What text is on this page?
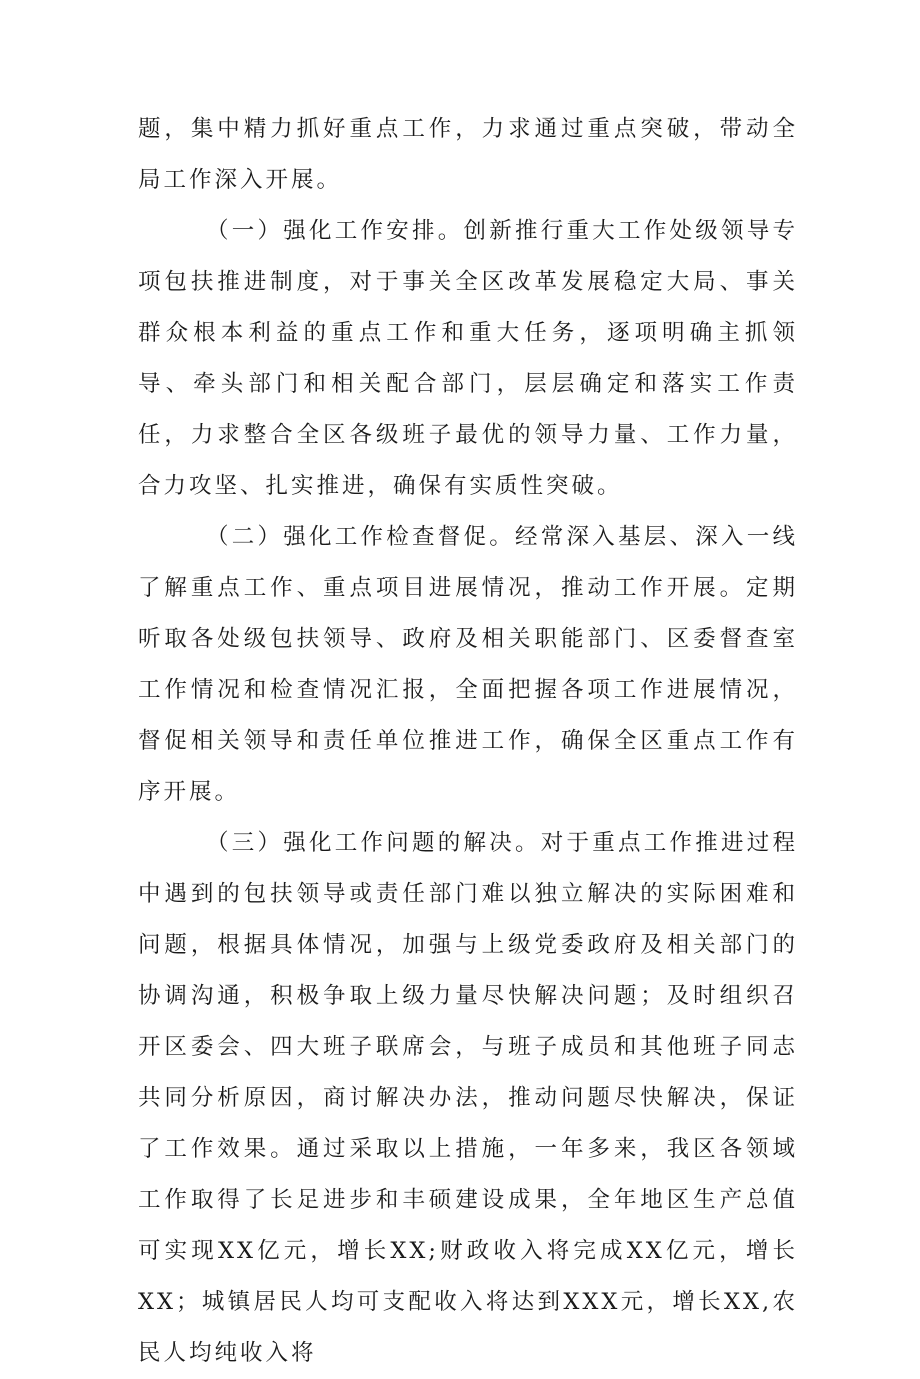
题，集中精力抓好重点工作，力求通过重点突破，带动全局工作深入开展。

（一）强化工作安排。创新推行重大工作处级领导专项包扶推进制度，对于事关全区改革发展稳定大局、事关群众根本利益的重点工作和重大任务，逐项明确主抓领导、牵头部门和相关配合部门，层层确定和落实工作责任，力求整合全区各级班子最优的领导力量、工作力量，合力攻坚、扎实推进，确保有实质性突破。

（二）强化工作检查督促。经常深入基层、深入一线了解重点工作、重点项目进展情况，推动工作开展。定期听取各处级包扶领导、政府及相关职能部门、区委督查室工作情况和检查情况汇报，全面把握各项工作进展情况，督促相关领导和责任单位推进工作，确保全区重点工作有序开展。

（三）强化工作问题的解决。对于重点工作推进过程中遇到的包扶领导或责任部门难以独立解决的实际困难和问题，根据具体情况，加强与上级党委政府及相关部门的协调沟通，积极争取上级力量尽快解决问题；及时组织召开区委会、四大班子联席会，与班子成员和其他班子同志共同分析原因，商讨解决办法，推动问题尽快解决，保证了工作效果。通过采取以上措施，一年多来，我区各领域工作取得了长足进步和丰硕建设成果，全年地区生产总值可实现XX亿元，增长XX;财政收入将完成XX亿元，增长XX；城镇居民人均可支配收入将达到XXX元，增长XX,农民人均纯收入将
